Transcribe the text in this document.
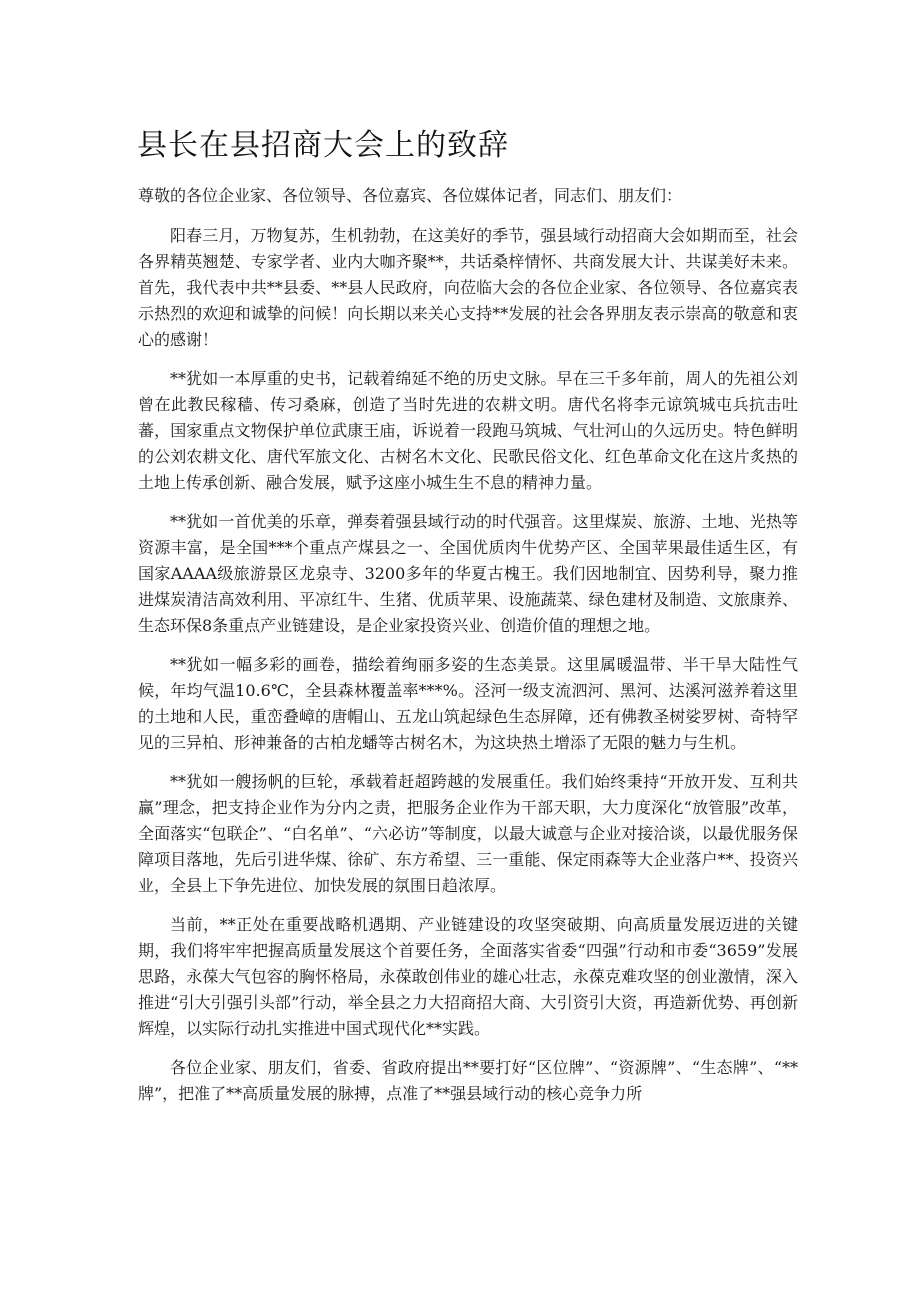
县长在县招商大会上的致辞

尊敬的各位企业家、各位领导、各位嘉宾、各位媒体记者，同志们、朋友们：

阳春三月，万物复苏，生机勃勃，在这美好的季节，强县域行动招商大会如期而至，社会各界精英翘楚、专家学者、业内大咖齐聚**，共话桑梓情怀、共商发展大计、共谋美好未来。首先，我代表中共**县委、**县人民政府，向莅临大会的各位企业家、各位领导、各位嘉宾表示热烈的欢迎和诚挚的问候！向长期以来关心支持**发展的社会各界朋友表示崇高的敬意和衷心的感谢！

**犹如一本厚重的史书，记载着绵延不绝的历史文脉。早在三千多年前，周人的先祖公刘曾在此教民稼穑、传习桑麻，创造了当时先进的农耕文明。唐代名将李元谅筑城屯兵抗击吐蕃，国家重点文物保护单位武康王庙，诉说着一段跑马筑城、气壮河山的久远历史。特色鲜明的公刘农耕文化、唐代军旅文化、古树名木文化、民歌民俗文化、红色革命文化在这片炙热的土地上传承创新、融合发展，赋予这座小城生生不息的精神力量。

**犹如一首优美的乐章，弹奏着强县域行动的时代强音。这里煤炭、旅游、土地、光热等资源丰富，是全国***个重点产煤县之一、全国优质肉牛优势产区、全国苹果最佳适生区，有国家AAAA级旅游景区龙泉寺、3200多年的华夏古槐王。我们因地制宜、因势利导，聚力推进煤炭清洁高效利用、平凉红牛、生猪、优质苹果、设施蔬菜、绿色建材及制造、文旅康养、生态环保8条重点产业链建设，是企业家投资兴业、创造价值的理想之地。

**犹如一幅多彩的画卷，描绘着绚丽多姿的生态美景。这里属暖温带、半干旱大陆性气候，年均气温10.6℃，全县森林覆盖率***%。泾河一级支流泗河、黑河、达溪河滋养着这里的土地和人民，重峦叠嶂的唐帽山、五龙山筑起绿色生态屏障，还有佛教圣树娑罗树、奇特罕见的三异柏、形神兼备的古柏龙蟠等古树名木，为这块热土增添了无限的魅力与生机。

**犹如一艘扬帆的巨轮，承载着赶超跨越的发展重任。我们始终秉持“开放开发、互利共赢”理念，把支持企业作为分内之责，把服务企业作为干部天职，大力度深化“放管服”改革，全面落实“包联企”、“白名单”、“六必访”等制度，以最大诚意与企业对接洽谈，以最优服务保障项目落地，先后引进华煤、徐矿、东方希望、三一重能、保定雨森等大企业落户**、投资兴业，全县上下争先进位、加快发展的氛围日趋浓厚。

当前，**正处在重要战略机遇期、产业链建设的攻坚突破期、向高质量发展迈进的关键期，我们将牢牢把握高质量发展这个首要任务，全面落实省委“四强”行动和市委“3659”发展思路，永葆大气包容的胸怀格局，永葆敢创伟业的雄心壮志，永葆克难攻坚的创业激情，深入推进“引大引强引头部”行动，举全县之力大招商招大商、大引资引大资，再造新优势、再创新辉煌，以实际行动扎实推进中国式现代化**实践。

各位企业家、朋友们，省委、省政府提出**要打好“区位牌”、“资源牌”、“生态牌”、“**牌”，把准了**高质量发展的脉搏，点准了**强县域行动的核心竞争力所
